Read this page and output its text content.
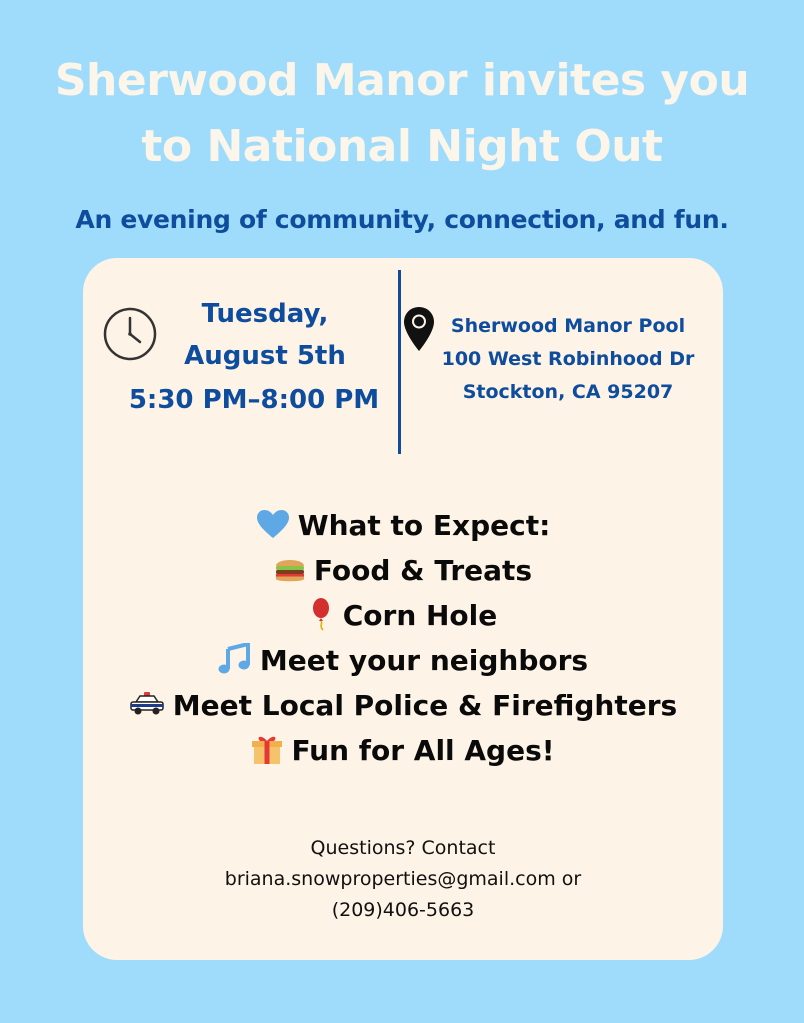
Sherwood Manor invites you
to National Night Out
An evening of community, connection, and fun.
Tuesday,
August 5th
5:30 PM–8:00 PM
Sherwood Manor Pool
100 West Robinhood Dr
Stockton, CA 95207
What to Expect:
Food & Treats
Corn Hole
Meet your neighbors
Meet Local Police & Firefighters
Fun for All Ages!
Questions? Contact
briana.snowproperties@gmail.com or
(209)406-5663
